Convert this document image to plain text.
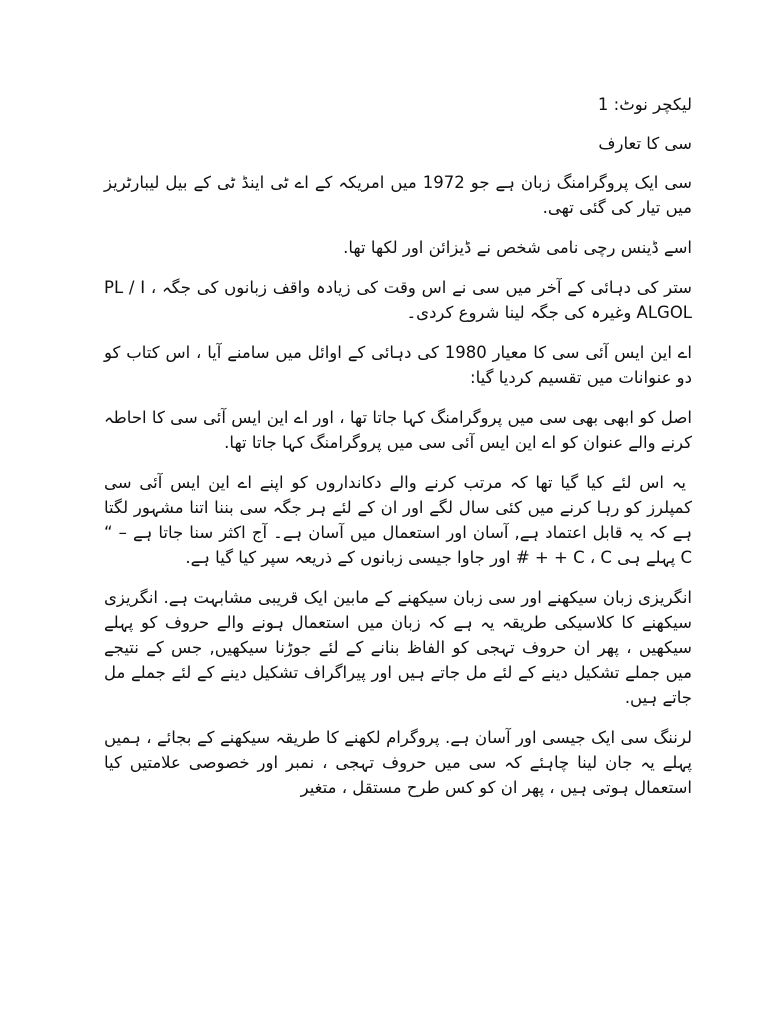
لیکچر نوٹ: 1

سی کا تعارف

سی ایک پروگرامنگ زبان ہے جو 1972 میں امریکہ کے اے ٹی اینڈ ٹی کے بیل لیبارٹریز میں تیار کی گئی تھی.

اسے ڈینس رچی نامی شخص نے ڈیزائن اور لکھا تھا.

ستر کی دہائی کے آخر میں سی نے اس وقت کی زیادہ واقف زبانوں کی جگہ PL / I ، ALGOL وغیرہ کی جگہ لینا شروع کردی۔

اے این ایس آئی سی کا معیار 1980 کی دہائی کے اوائل میں سامنے آیا ، اس کتاب کو دو عنوانات میں تقسیم کردیا گیا:

اصل کو ابھی بھی سی میں پروگرامنگ کہا جاتا تھا ، اور اے این ایس آئی سی کا احاطہ کرنے والے عنوان کو اے این ایس آئی سی میں پروگرامنگ کہا جاتا تھا.

یہ اس لئے کیا گیا تھا کہ مرتب کرنے والے دکانداروں کو اپنے اے این ایس آئی سی کمپلرز کو رہا کرنے میں کئی سال لگے اور ان کے لئے ہر جگہ سی بننا اتنا مشہور لگتا ہے کہ یہ قابل اعتماد ہے, آسان اور استعمال میں آسان ہے۔ آج اکثر سنا جاتا ہے – “ C پہلے ہی C ، C + + # اور جاوا جیسی زبانوں کے ذریعہ سپر کیا گیا ہے.

انگریزی زبان سیکھنے اور سی زبان سیکھنے کے مابین ایک قریبی مشابہت ہے. انگریزی سیکھنے کا کلاسیکی طریقہ یہ ہے کہ زبان میں استعمال ہونے والے حروف کو پہلے سیکھیں ، پھر ان حروف تہجی کو الفاظ بنانے کے لئے جوڑنا سیکھیں, جس کے نتیجے میں جملے تشکیل دینے کے لئے مل جاتے ہیں اور پیراگراف تشکیل دینے کے لئے جملے مل جاتے ہیں.

لرننگ سی ایک جیسی اور آسان ہے. پروگرام لکھنے کا طریقہ سیکھنے کے بجائے ، ہمیں پہلے یہ جان لینا چاہئے کہ سی میں حروف تہجی ، نمبر اور خصوصی علامتیں کیا استعمال ہوتی ہیں ، پھر ان کو کس طرح مستقل ، متغیر
